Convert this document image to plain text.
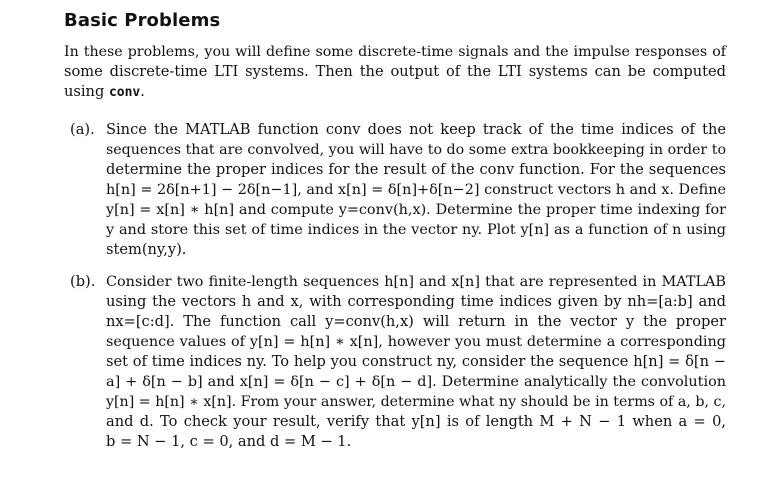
Basic Problems
In these problems, you will define some discrete-time signals and the impulse responses of
some discrete-time LTI systems. Then the output of the LTI systems can be computed
using conv.
(a). Since the MATLAB function conv does not keep track of the time indices of the
sequences that are convolved, you will have to do some extra bookkeeping in order to
determine the proper indices for the result of the conv function. For the sequences
h[n] = 2δ[n+1] − 2δ[n−1], and x[n] = δ[n]+δ[n−2] construct vectors h and x. Define
y[n] = x[n] ∗ h[n] and compute y=conv(h,x). Determine the proper time indexing for
y and store this set of time indices in the vector ny. Plot y[n] as a function of n using
stem(ny,y).
(b). Consider two finite-length sequences h[n] and x[n] that are represented in MATLAB
using the vectors h and x, with corresponding time indices given by nh=[a:b] and
nx=[c:d]. The function call y=conv(h,x) will return in the vector y the proper
sequence values of y[n] = h[n] ∗ x[n], however you must determine a corresponding
set of time indices ny. To help you construct ny, consider the sequence h[n] = δ[n −
a] + δ[n − b] and x[n] = δ[n − c] + δ[n − d]. Determine analytically the convolution
y[n] = h[n] ∗ x[n]. From your answer, determine what ny should be in terms of a, b, c,
and d. To check your result, verify that y[n] is of length M + N − 1 when a = 0,
b = N − 1, c = 0, and d = M − 1.
